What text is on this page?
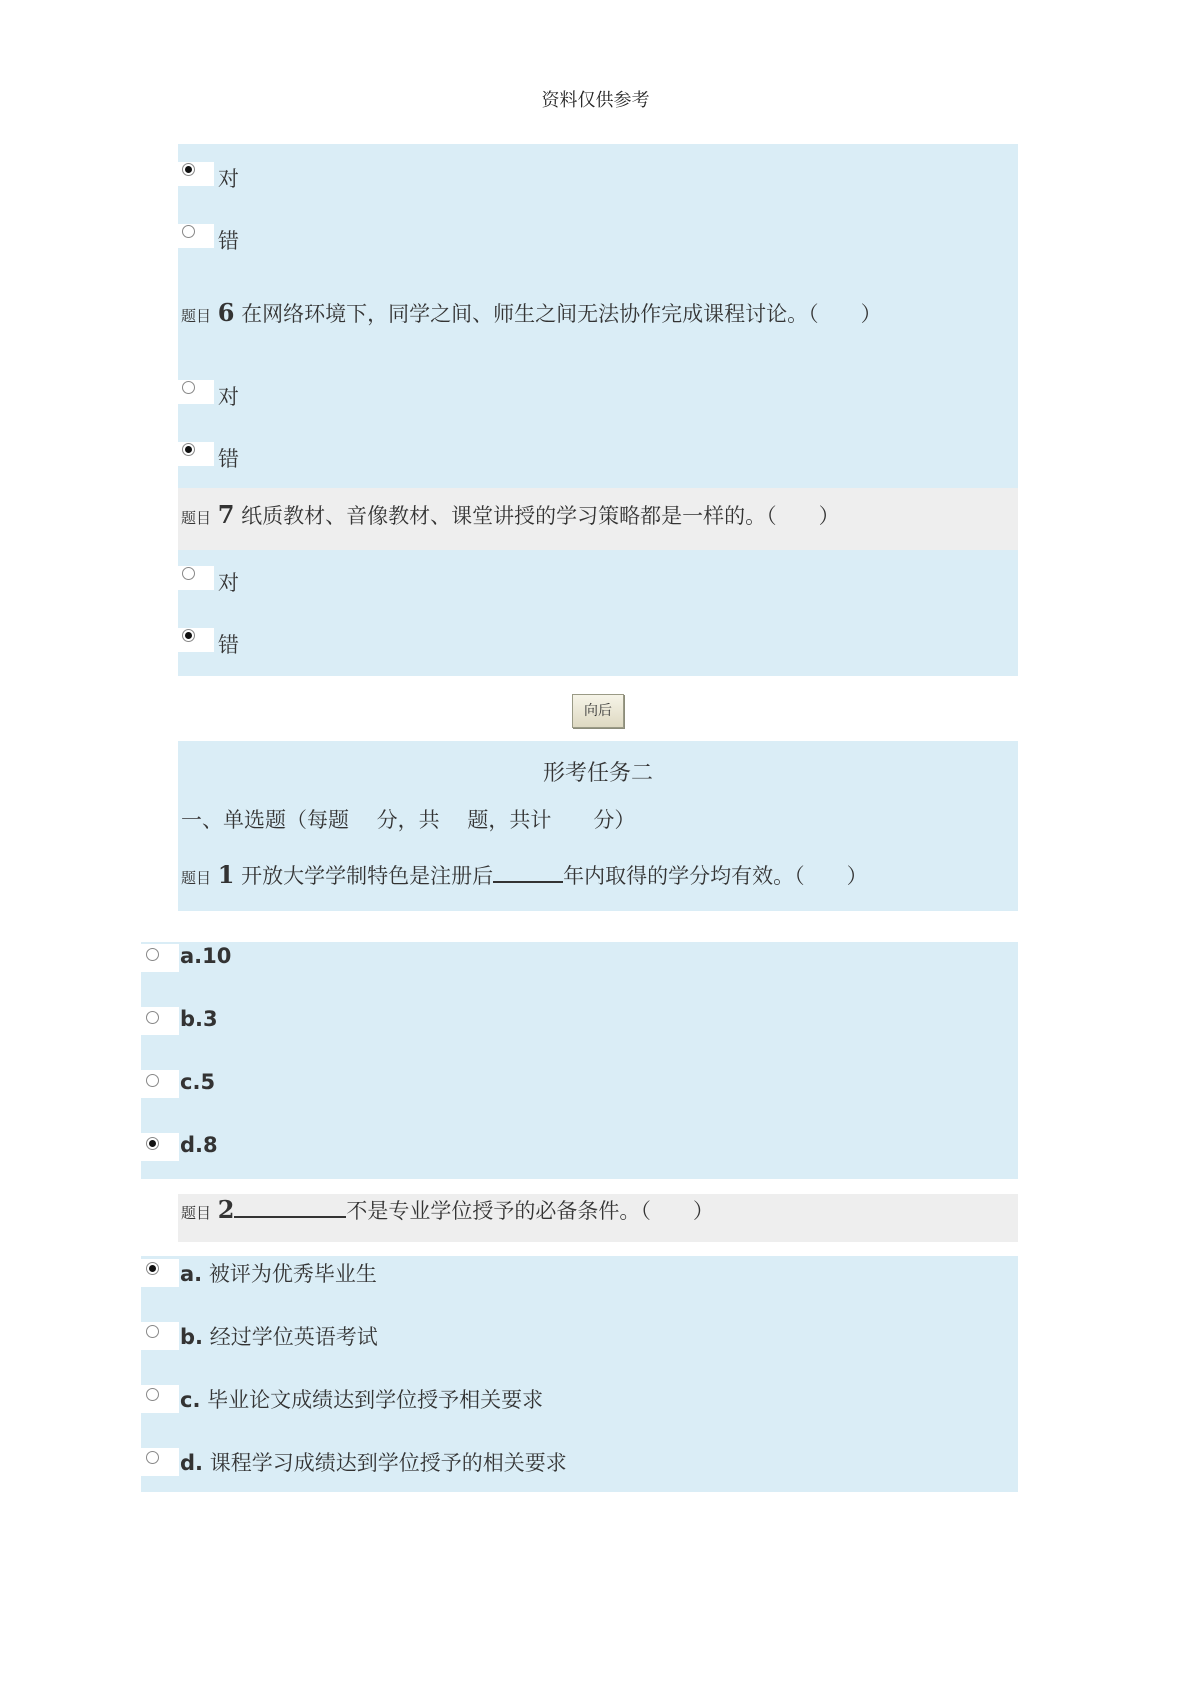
资料仅供参考
对
错
题目 6 在网络环境下，同学之间、师生之间无法协作完成课程讨论。（　　）
对
错
题目 7 纸质教材、音像教材、课堂讲授的学习策略都是一样的。（　　）
对
错
向后
形考任务二
一、单选题（每题　 分，共　 题，共计　　分）
题目 1 开放大学学制特色是注册后	年内取得的学分均有效。（　　）
a.10
b.3
c.5
d.8
题目 2	不是专业学位授予的必备条件。（　　）
a. 被评为优秀毕业生
b. 经过学位英语考试
c. 毕业论文成绩达到学位授予相关要求
d. 课程学习成绩达到学位授予的相关要求
